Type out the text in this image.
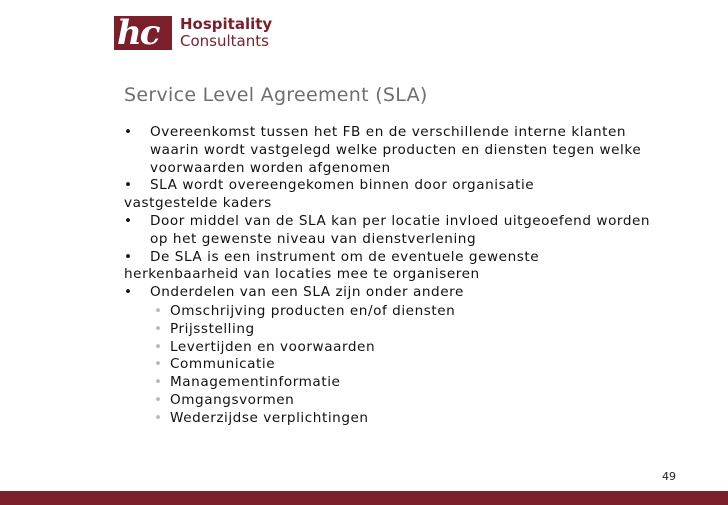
hc Hospitality
Consultants
Service Level Agreement (SLA)
• Overeenkomst tussen het FB en de verschillende interne klanten
waarin wordt vastgelegd welke producten en diensten tegen welke
voorwaarden worden afgenomen
• SLA wordt overeengekomen binnen door organisatie
vastgestelde kaders
• Door middel van de SLA kan per locatie invloed uitgeoefend worden
op het gewenste niveau van dienstverlening
• De SLA is een instrument om de eventuele gewenste
herkenbaarheid van locaties mee te organiseren
• Onderdelen van een SLA zijn onder andere
• Omschrijving producten en/of diensten
• Prijsstelling
• Levertijden en voorwaarden
• Communicatie
• Managementinformatie
• Omgangsvormen
• Wederzijdse verplichtingen
49
